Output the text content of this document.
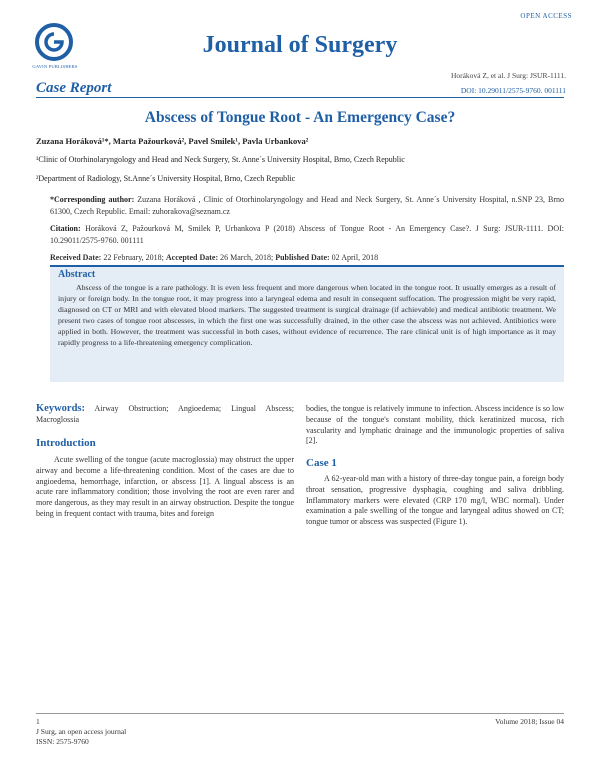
GAVIN PUBLISHERS
OPEN ACCESS
Journal of Surgery
Horáková Z, et al. J Surg: JSUR-1111.
DOI: 10.29011/2575-9760. 001111
Case Report
Abscess of Tongue Root - An Emergency Case?
Zuzana Horáková¹*, Marta Pažourková², Pavel Smilek¹, Pavla Urbankova²
¹Clinic of Otorhinolaryngology and Head and Neck Surgery, St. Anne´s University Hospital, Brno, Czech Republic
²Department of Radiology, St.Anne´s University Hospital, Brno, Czech Republic
*Corresponding author: Zuzana Horáková , Clinic of Otorhinolaryngology and Head and Neck Surgery, St. Anne´s University Hospital, n.SNP 23, Brno 61300, Czech Republic. Email: zuhorakova@seznam.cz
Citation: Horáková Z, Pažourková M, Smilek P, Urbankova P (2018) Abscess of Tongue Root - An Emergency Case?. J Surg: JSUR-1111. DOI: 10.29011/2575-9760. 001111
Received Date: 22 February, 2018; Accepted Date: 26 March, 2018; Published Date: 02 April, 2018
Abstract
Abscess of the tongue is a rare pathology. It is even less frequent and more dangerous when located in the tongue root. It usually emerges as a result of injury or foreign body. In the tongue root, it may progress into a laryngeal edema and result in consequent suffocation. The progression might be very rapid, diagnosed on CT or MRI and with elevated blood markers. The suggested treatment is surgical drainage (if achievable) and medical antibiotic treatment. We present two cases of tongue root abscesses, in which the first one was successfully drained, in the other case the abscess was not achieved. Antibiotics were applied in both. However, the treatment was successful in both cases, without evidence of recurrence. The rare clinical unit is of high importance as it may rapidly progress to a life-threatening emergency complication.
Keywords: Airway Obstruction; Angioedema; Lingual Abscess; Macroglossia
Introduction
Acute swelling of the tongue (acute macroglossia) may obstruct the upper airway and become a life-threatening condition. Most of the cases are due to angioedema, hemorrhage, infarction, or abscess [1]. A lingual abscess is an acute rare inflammatory condition; those involving the root are even rarer and more dangerous, as they may result in an airway obstruction. Despite the tongue being in frequent contact with trauma, bites and foreign
bodies, the tongue is relatively immune to infection. Abscess incidence is so low because of the tongue's constant mobility, thick keratinized mucosa, rich vascularity and lymphatic drainage and the immunologic properties of saliva [2].
Case 1
A 62-year-old man with a history of three-day tongue pain, a foreign body throat sensation, progressive dysphagia, coughing and saliva dribbling. Inflammatory markers were elevated (CRP 170 mg/l, WBC normal). Under examination a pale swelling of the tongue and laryngeal aditus showed on CT; tongue tumor or abscess was suspected (Figure 1).
1
J Surg, an open access journal
ISSN: 2575-9760
Volume 2018; Issue 04
